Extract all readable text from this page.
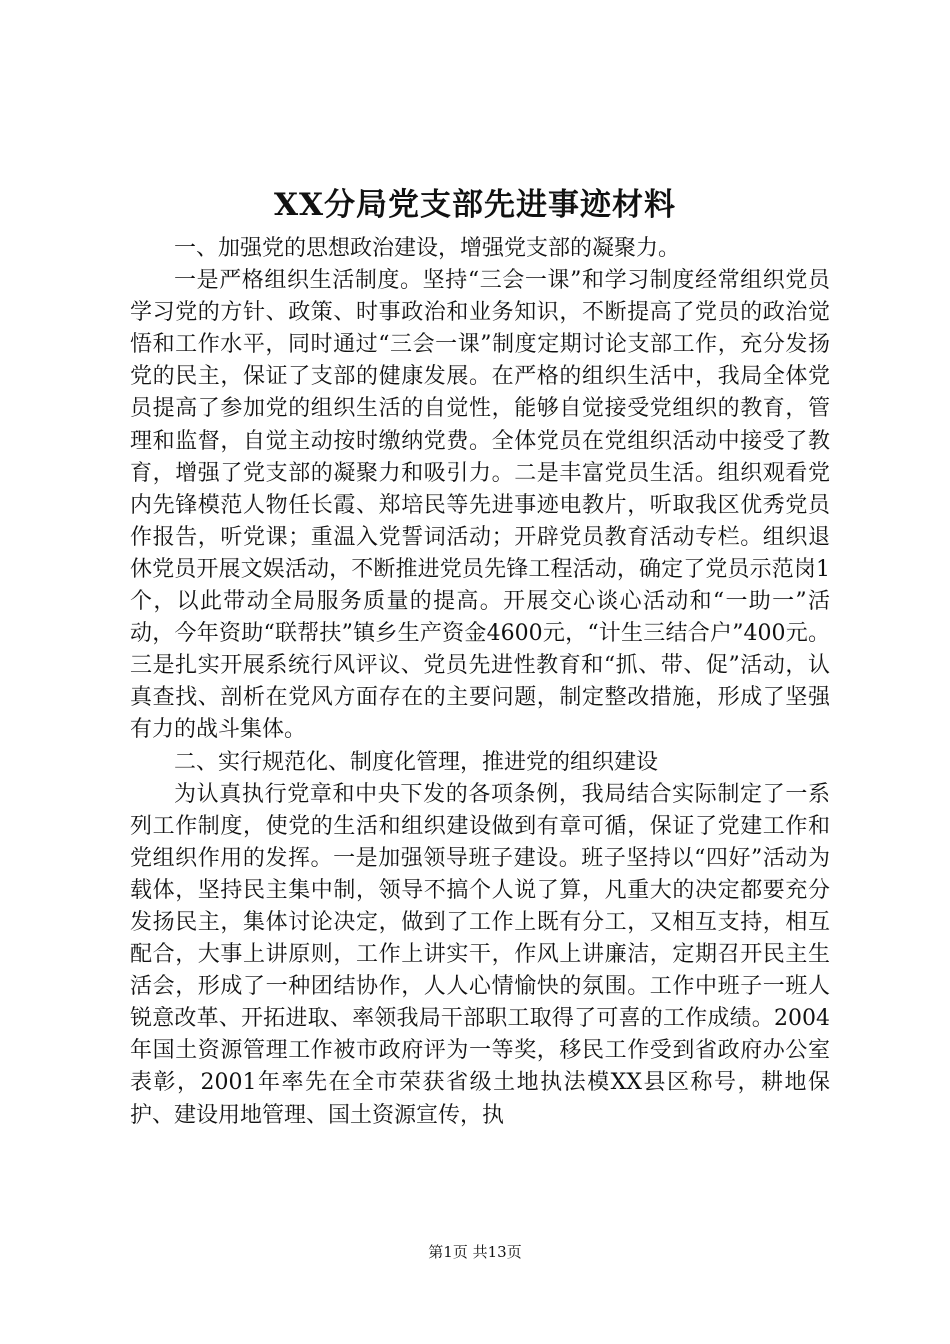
XX分局党支部先进事迹材料

一、加强党的思想政治建设，增强党支部的凝聚力。

一是严格组织生活制度。坚持“三会一课”和学习制度经常组织党员学习党的方针、政策、时事政治和业务知识，不断提高了党员的政治觉悟和工作水平，同时通过“三会一课”制度定期讨论支部工作，充分发扬党的民主，保证了支部的健康发展。在严格的组织生活中，我局全体党员提高了参加党的组织生活的自觉性，能够自觉接受党组织的教育，管理和监督，自觉主动按时缴纳党费。全体党员在党组织活动中接受了教育，增强了党支部的凝聚力和吸引力。二是丰富党员生活。组织观看党内先锋模范人物任长霞、郑培民等先进事迹电教片，听取我区优秀党员作报告，听党课；重温入党誓词活动；开辟党员教育活动专栏。组织退休党员开展文娱活动，不断推进党员先锋工程活动，确定了党员示范岗1个，以此带动全局服务质量的提高。开展交心谈心活动和“一助一”活动，今年资助“联帮扶”镇乡生产资金4600元，“计生三结合户”400元。三是扎实开展系统行风评议、党员先进性教育和“抓、带、促”活动，认真查找、剖析在党风方面存在的主要问题，制定整改措施，形成了坚强有力的战斗集体。

二、实行规范化、制度化管理，推进党的组织建设

为认真执行党章和中央下发的各项条例，我局结合实际制定了一系列工作制度，使党的生活和组织建设做到有章可循，保证了党建工作和党组织作用的发挥。一是加强领导班子建设。班子坚持以“四好”活动为载体，坚持民主集中制，领导不搞个人说了算，凡重大的决定都要充分发扬民主，集体讨论决定，做到了工作上既有分工，又相互支持，相互配合，大事上讲原则，工作上讲实干，作风上讲廉洁，定期召开民主生活会，形成了一种团结协作，人人心情愉快的氛围。工作中班子一班人锐意改革、开拓进取、率领我局干部职工取得了可喜的工作成绩。2004年国土资源管理工作被市政府评为一等奖，移民工作受到省政府办公室表彰，2001年率先在全市荣获省级土地执法模XX县区称号，耕地保护、建设用地管理、国土资源宣传，执

第1页 共13页
